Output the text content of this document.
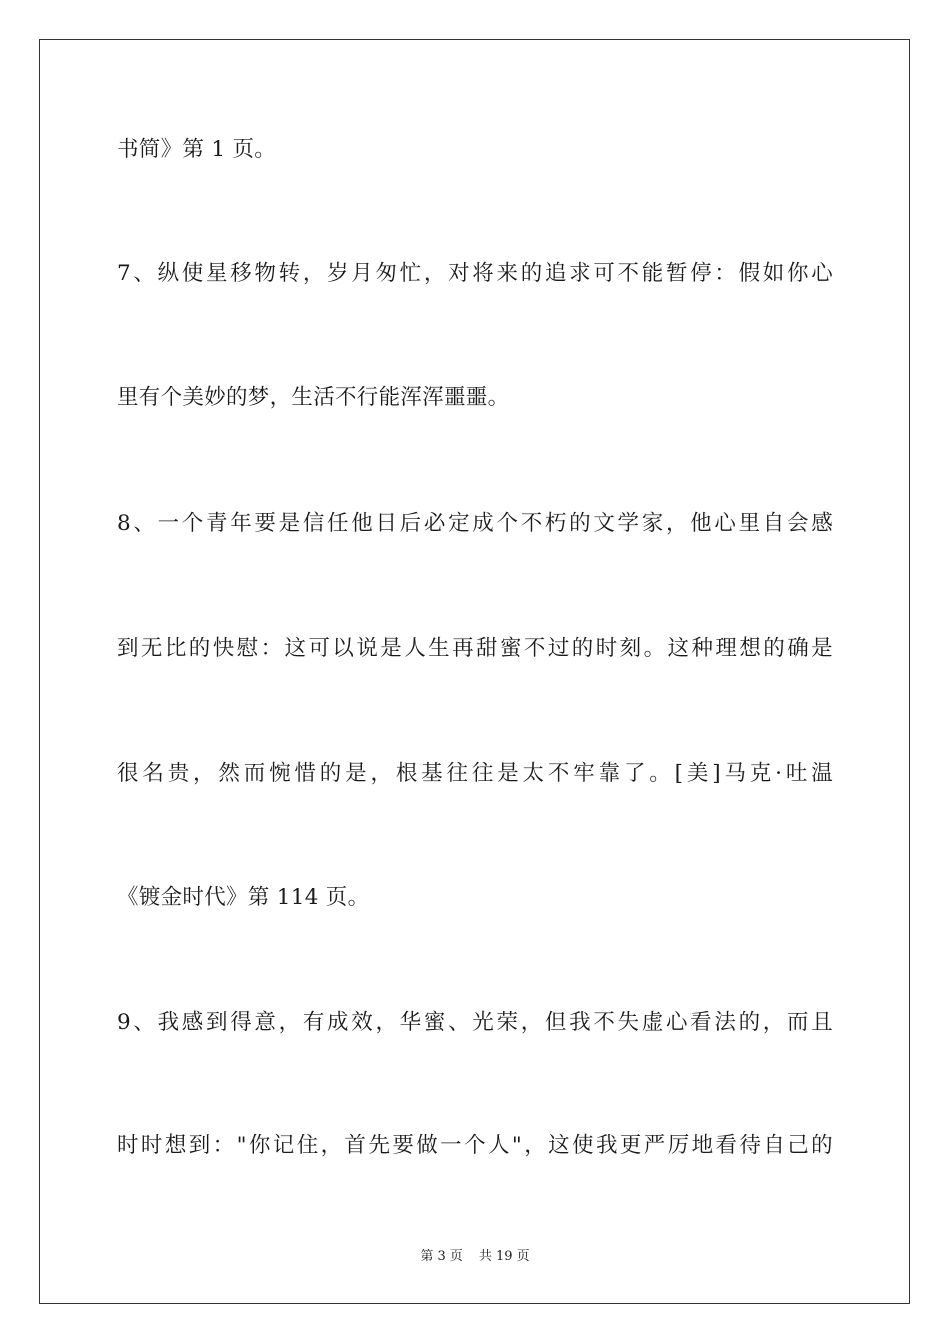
书简》第 1 页。
7、纵使星移物转，岁月匆忙，对将来的追求可不能暂停：假如你心
里有个美妙的梦，生活不行能浑浑噩噩。
8、一个青年要是信任他日后必定成个不朽的文学家，他心里自会感
到无比的快慰：这可以说是人生再甜蜜不过的时刻。这种理想的确是
很名贵，然而惋惜的是，根基往往是太不牢靠了。[美]马克·吐温
《镀金时代》第 114 页。
9、我感到得意，有成效，华蜜、光荣，但我不失虚心看法的，而且
时时想到："你记住，首先要做一个人"，这使我更严厉地看待自己的
第 3 页 共 19 页
